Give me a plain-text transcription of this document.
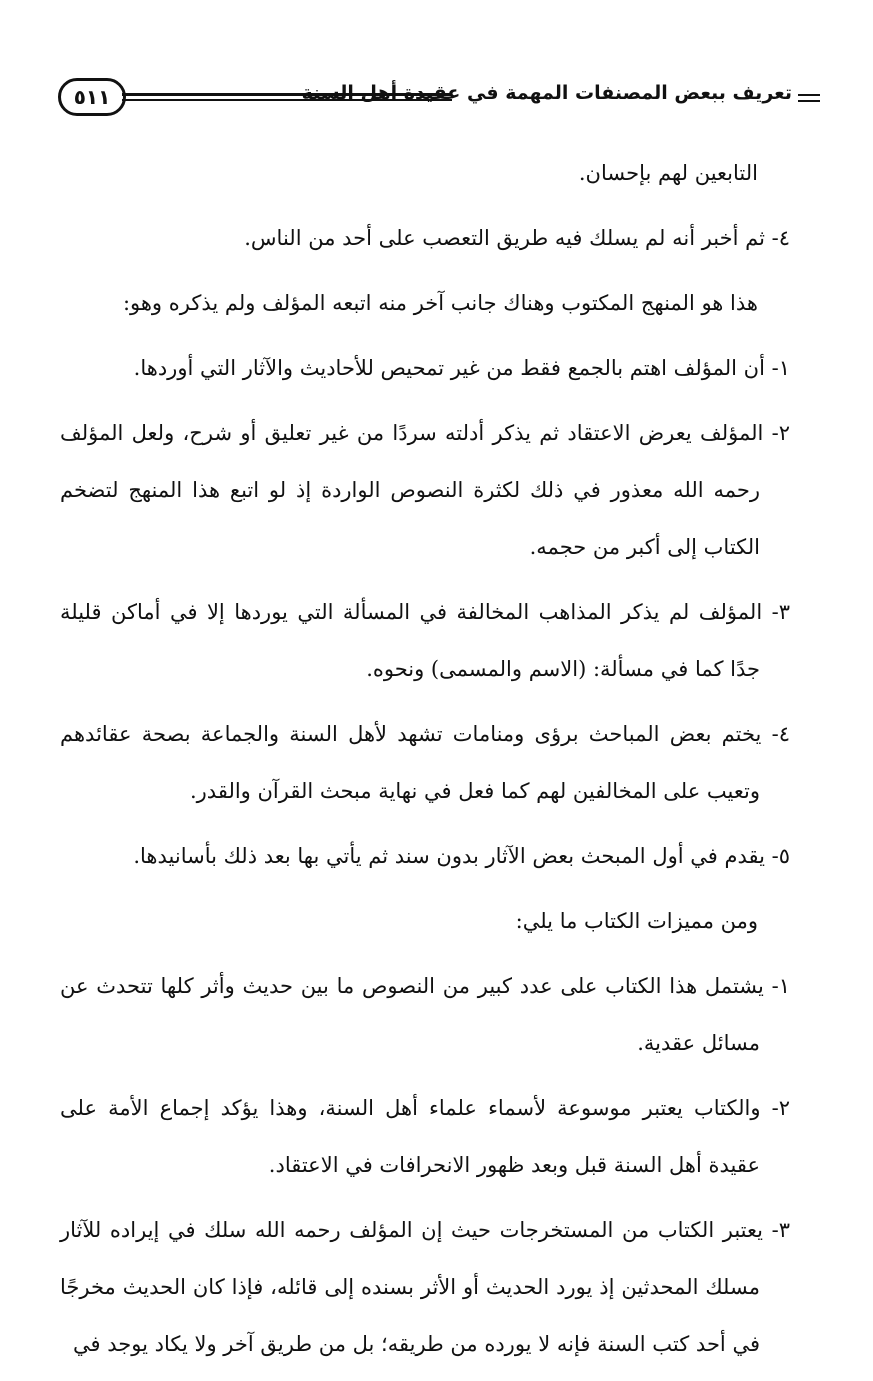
٥١١	تعريف ببعض المصنفات المهمة في عقيدة أهل السنة

التابعين لهم بإحسان.

٤- ثم أخبر أنه لم يسلك فيه طريق التعصب على أحد من الناس.

هذا هو المنهج المكتوب وهناك جانب آخر منه اتبعه المؤلف ولم يذكره وهو:

١- أن المؤلف اهتم بالجمع فقط من غير تمحيص للأحاديث والآثار التي أوردها.

٢- المؤلف يعرض الاعتقاد ثم يذكر أدلته سردًا من غير تعليق أو شرح، ولعل المؤلف رحمه الله معذور في ذلك لكثرة النصوص الواردة إذ لو اتبع هذا المنهج لتضخم الكتاب إلى أكبر من حجمه.

٣- المؤلف لم يذكر المذاهب المخالفة في المسألة التي يوردها إلا في أماكن قليلة جدًا كما في مسألة: (الاسم والمسمى) ونحوه.

٤- يختم بعض المباحث برؤى ومنامات تشهد لأهل السنة والجماعة بصحة عقائدهم وتعيب على المخالفين لهم كما فعل في نهاية مبحث القرآن والقدر.

٥- يقدم في أول المبحث بعض الآثار بدون سند ثم يأتي بها بعد ذلك بأسانيدها.

ومن مميزات الكتاب ما يلي:

١- يشتمل هذا الكتاب على عدد كبير من النصوص ما بين حديث وأثر كلها تتحدث عن مسائل عقدية.

٢- والكتاب يعتبر موسوعة لأسماء علماء أهل السنة، وهذا يؤكد إجماع الأمة على عقيدة أهل السنة قبل وبعد ظهور الانحرافات في الاعتقاد.

٣- يعتبر الكتاب من المستخرجات حيث إن المؤلف رحمه الله سلك في إيراده للآثار مسلك المحدثين إذ يورد الحديث أو الأثر بسنده إلى قائله، فإذا كان الحديث مخرجًا في أحد كتب السنة فإنه لا يورده من طريقه؛ بل من طريق آخر ولا يكاد يوجد في
